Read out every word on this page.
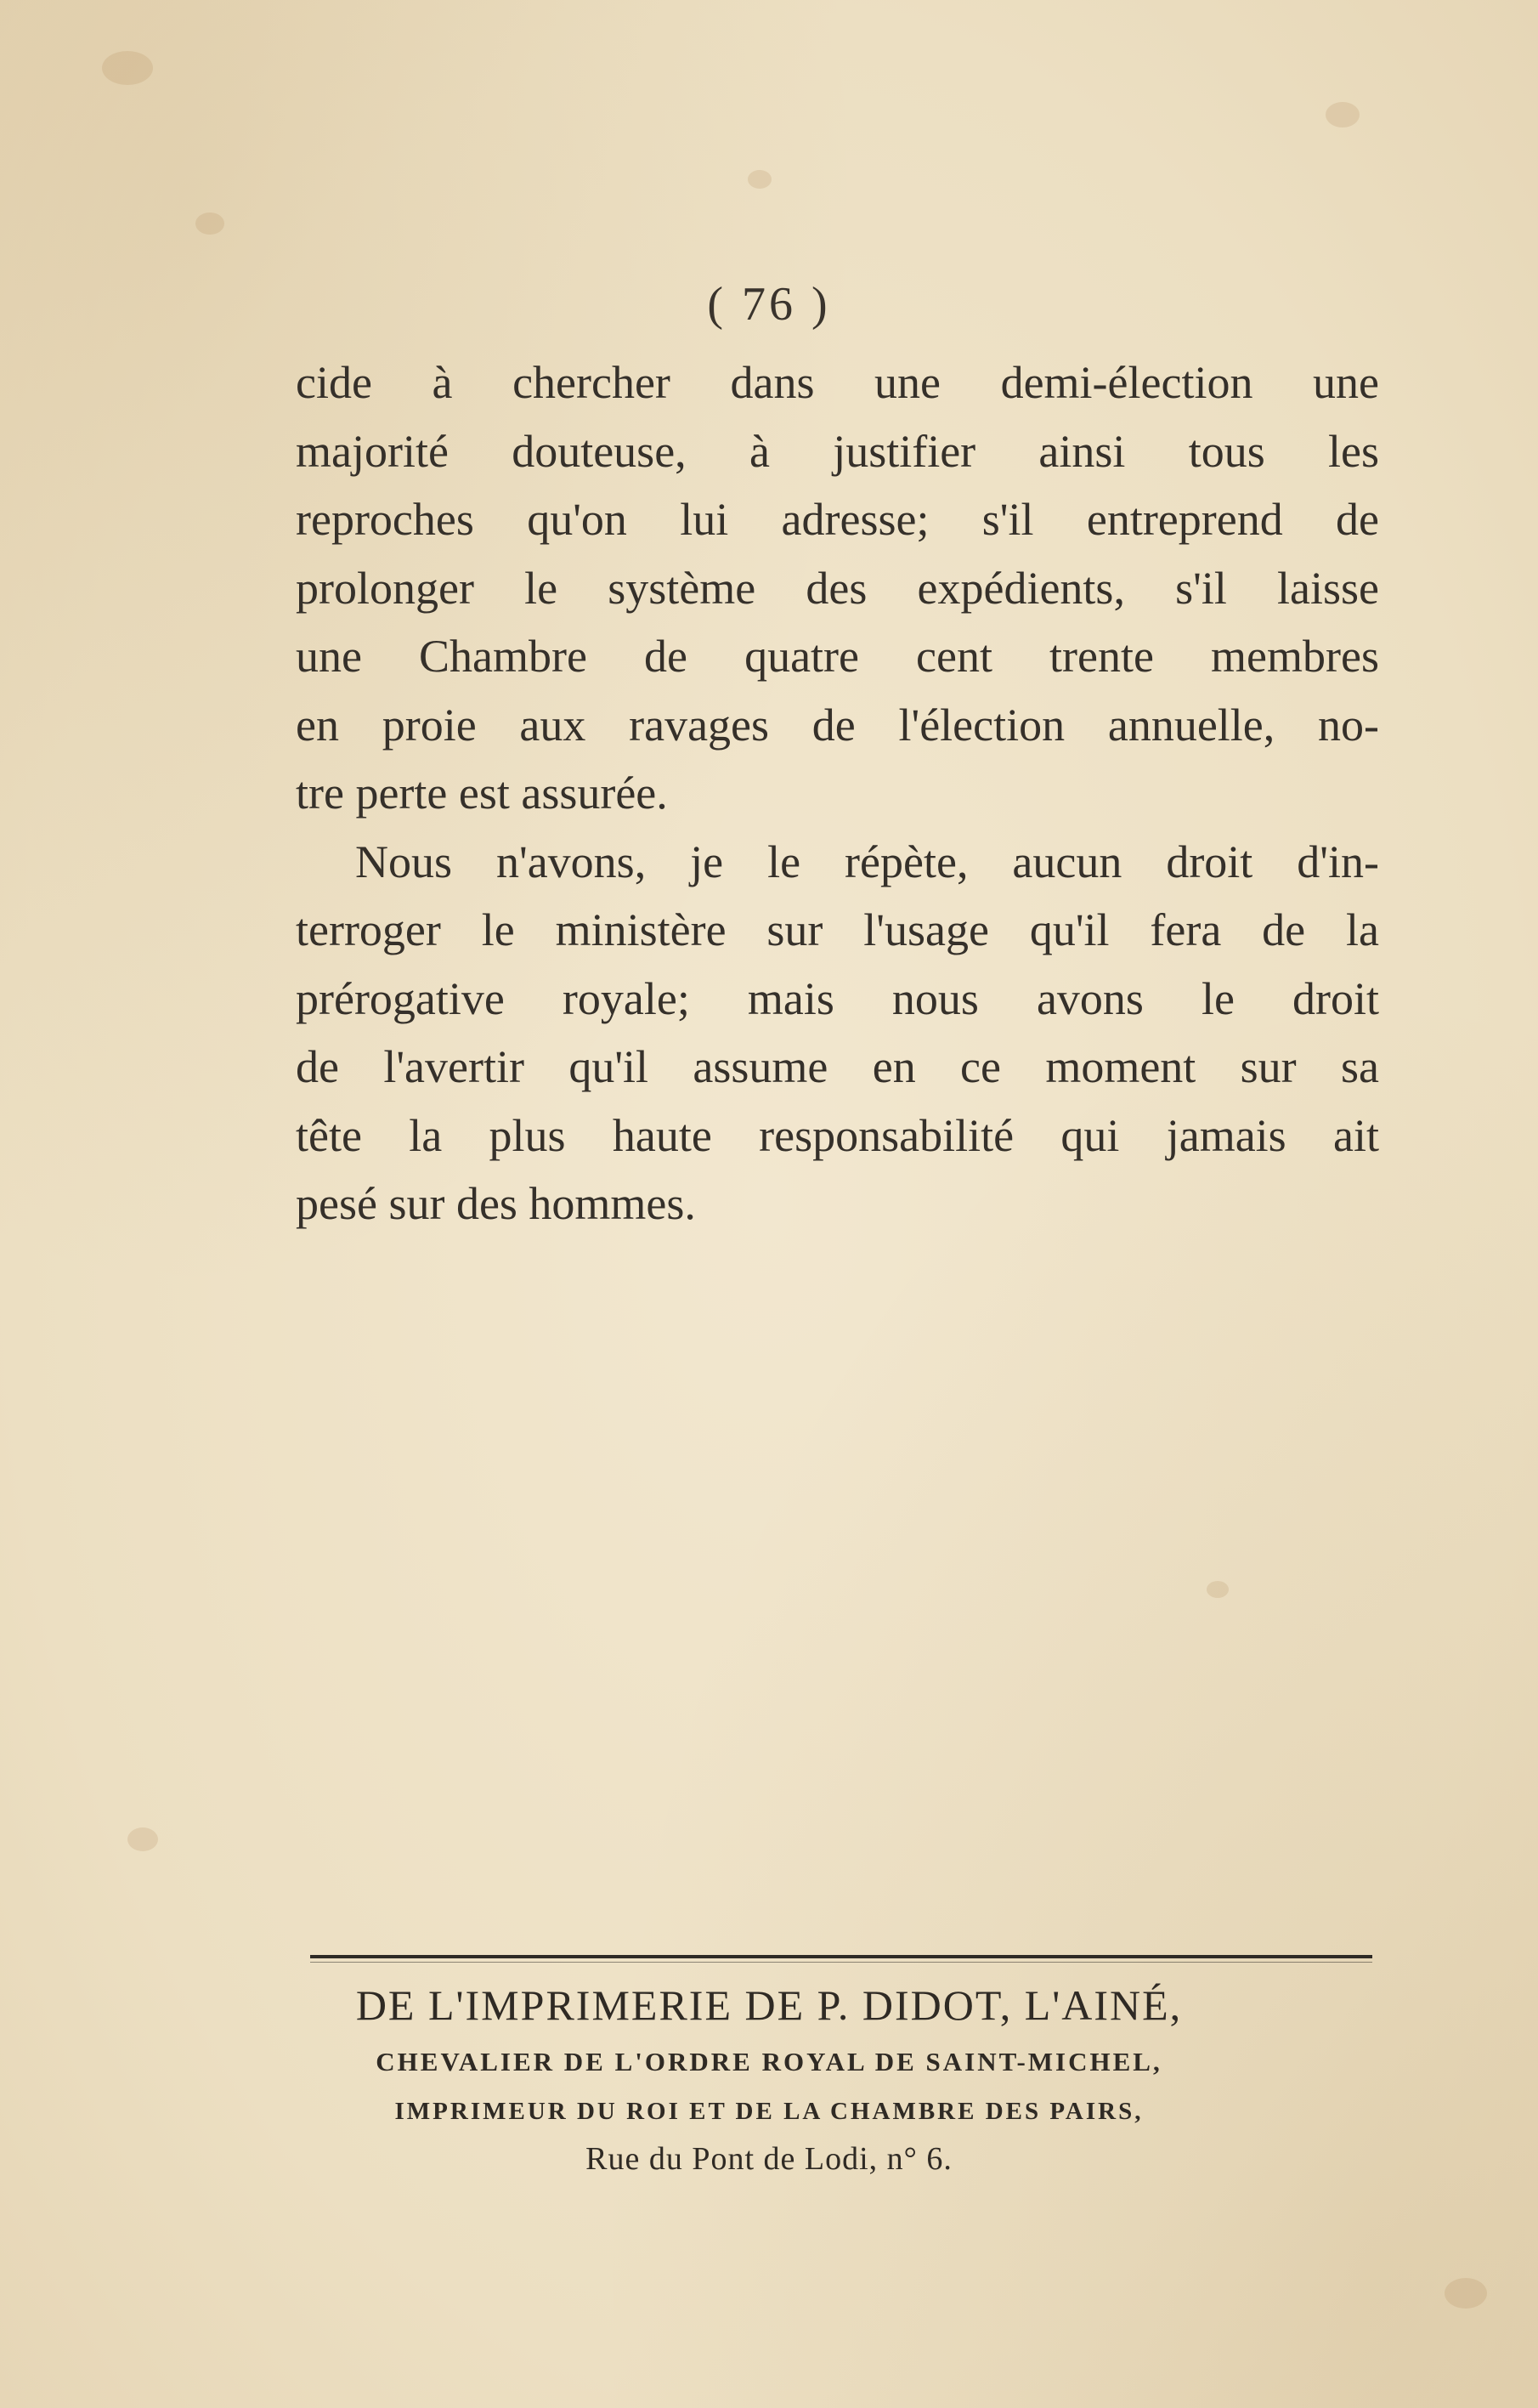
( 76 )

cide à chercher dans une demi-élection une
majorité douteuse, à justifier ainsi tous les
reproches qu'on lui adresse; s'il entreprend de
prolonger le système des expédients, s'il laisse
une Chambre de quatre cent trente membres
en proie aux ravages de l'élection annuelle, no-
tre perte est assurée.

Nous n'avons, je le répète, aucun droit d'in-
terroger le ministère sur l'usage qu'il fera de la
prérogative royale; mais nous avons le droit
de l'avertir qu'il assume en ce moment sur sa
tête la plus haute responsabilité qui jamais ait
pesé sur des hommes.

DE L'IMPRIMERIE DE P. DIDOT, L'AINÉ,
CHEVALIER DE L'ORDRE ROYAL DE SAINT-MICHEL,
IMPRIMEUR DU ROI ET DE LA CHAMBRE DES PAIRS,
Rue du Pont de Lodi, n° 6.
